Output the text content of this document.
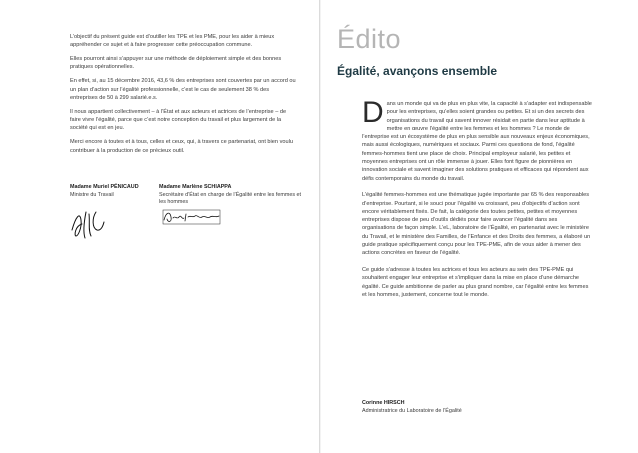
L’objectif du présent guide est d’outiller les TPE et les PME, pour les aider à mieux appréhender ce sujet et à faire progresser cette préoccupation commune.

Elles pourront ainsi s’appuyer sur une méthode de déploiement simple et des bonnes pratiques opérationnelles.

En effet, si, au 15 décembre 2016, 43,6 % des entreprises sont couvertes par un accord ou un plan d’action sur l’égalité professionnelle, c’est le cas de seulement 38 % des entreprises de 50 à 299 salarié.e.s.

Il nous appartient collectivement – à l’État et aux acteurs et actrices de l’entreprise – de faire vivre l’égalité, parce que c’est notre conception du travail et plus largement de la société qui est en jeu.

Merci encore à toutes et à tous, celles et ceux, qui, à travers ce partenariat, ont bien voulu contribuer à la production de ce précieux outil.

Madame Muriel PÉNICAUD
Ministre du Travail
Madame Marlène SCHIAPPA
Secrétaire d’État en charge de l’Égalité entre les femmes et les hommes
Édito
Égalité, avançons ensemble

Dans un monde qui va de plus en plus vite, la capacité à s’adapter est indispensable pour les entreprises, qu’elles soient grandes ou petites. Et si un des secrets des organisations du travail qui savent innover résidait en partie dans leur aptitude à mettre en œuvre l’égalité entre les femmes et les hommes ? Le monde de l’entreprise est un écosystème de plus en plus sensible aux nouveaux enjeux économiques, mais aussi écologiques, numériques et sociaux. Parmi ces questions de fond, l’égalité femmes-hommes tient une place de choix. Principal employeur salarié, les petites et moyennes entreprises ont un rôle immense à jouer. Elles font figure de pionnières en innovation sociale et savent imaginer des solutions pratiques et efficaces qui répondent aux défis contemporains du monde du travail.

L’égalité femmes-hommes est une thématique jugée importante par 65 % des responsables d’entreprise. Pourtant, si le souci pour l’égalité va croissant, peu d’objectifs d’action sont encore véritablement fixés. De fait, la catégorie des toutes petites, petites et moyennes entreprises dispose de peu d’outils dédiés pour faire avancer l’égalité dans ses organisations de façon simple. L’eL, laboratoire de l’Égalité, en partenariat avec le ministère du Travail, et le ministère des Familles, de l’Enfance et des Droits des femmes, a élaboré un guide pratique spécifiquement conçu pour les TPE-PME, afin de vous aider à mener des actions concrètes en faveur de l’égalité.

Ce guide s’adresse à toutes les actrices et tous les acteurs au sein des TPE-PME qui souhaitent engager leur entreprise et s’impliquer dans la mise en place d’une démarche égalité. Ce guide ambitionne de parler au plus grand nombre, car l’égalité entre les femmes et les hommes, justement, concerne tout le monde.

Corinne HIRSCH
Administratrice du Laboratoire de l’Égalité
